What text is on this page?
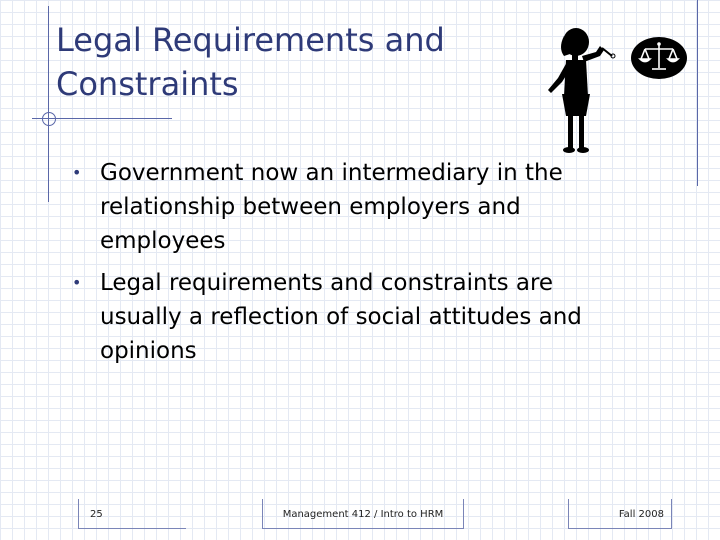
Legal Requirements and
Constraints
• Government now an intermediary in the relationship between employers and employees
• Legal requirements and constraints are usually a reflection of social attitudes and opinions
25	Management 412 / Intro to HRM	Fall 2008
